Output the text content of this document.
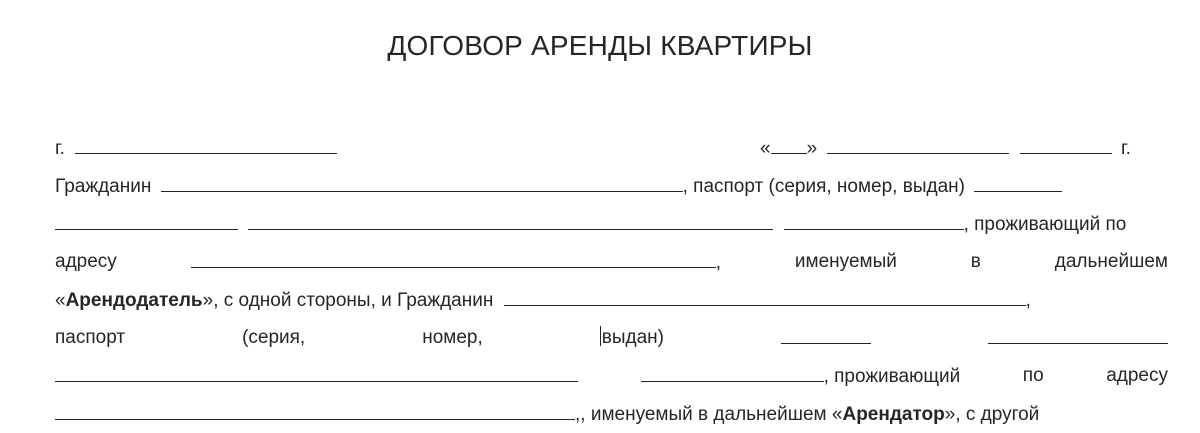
ДОГОВОР АРЕНДЫ КВАРТИРЫ
г.	« »	г.
Гражданин	, паспорт (серия, номер, выдан)
, проживающий по
адресу	,	именуемый	в	дальнейшем
«Арендодатель», с одной стороны, и Гражданин	,
паспорт	(серия,	номер,	выдан)
, проживающий	по	адресу
,, именуемый в дальнейшем «Арендатор», с другой
